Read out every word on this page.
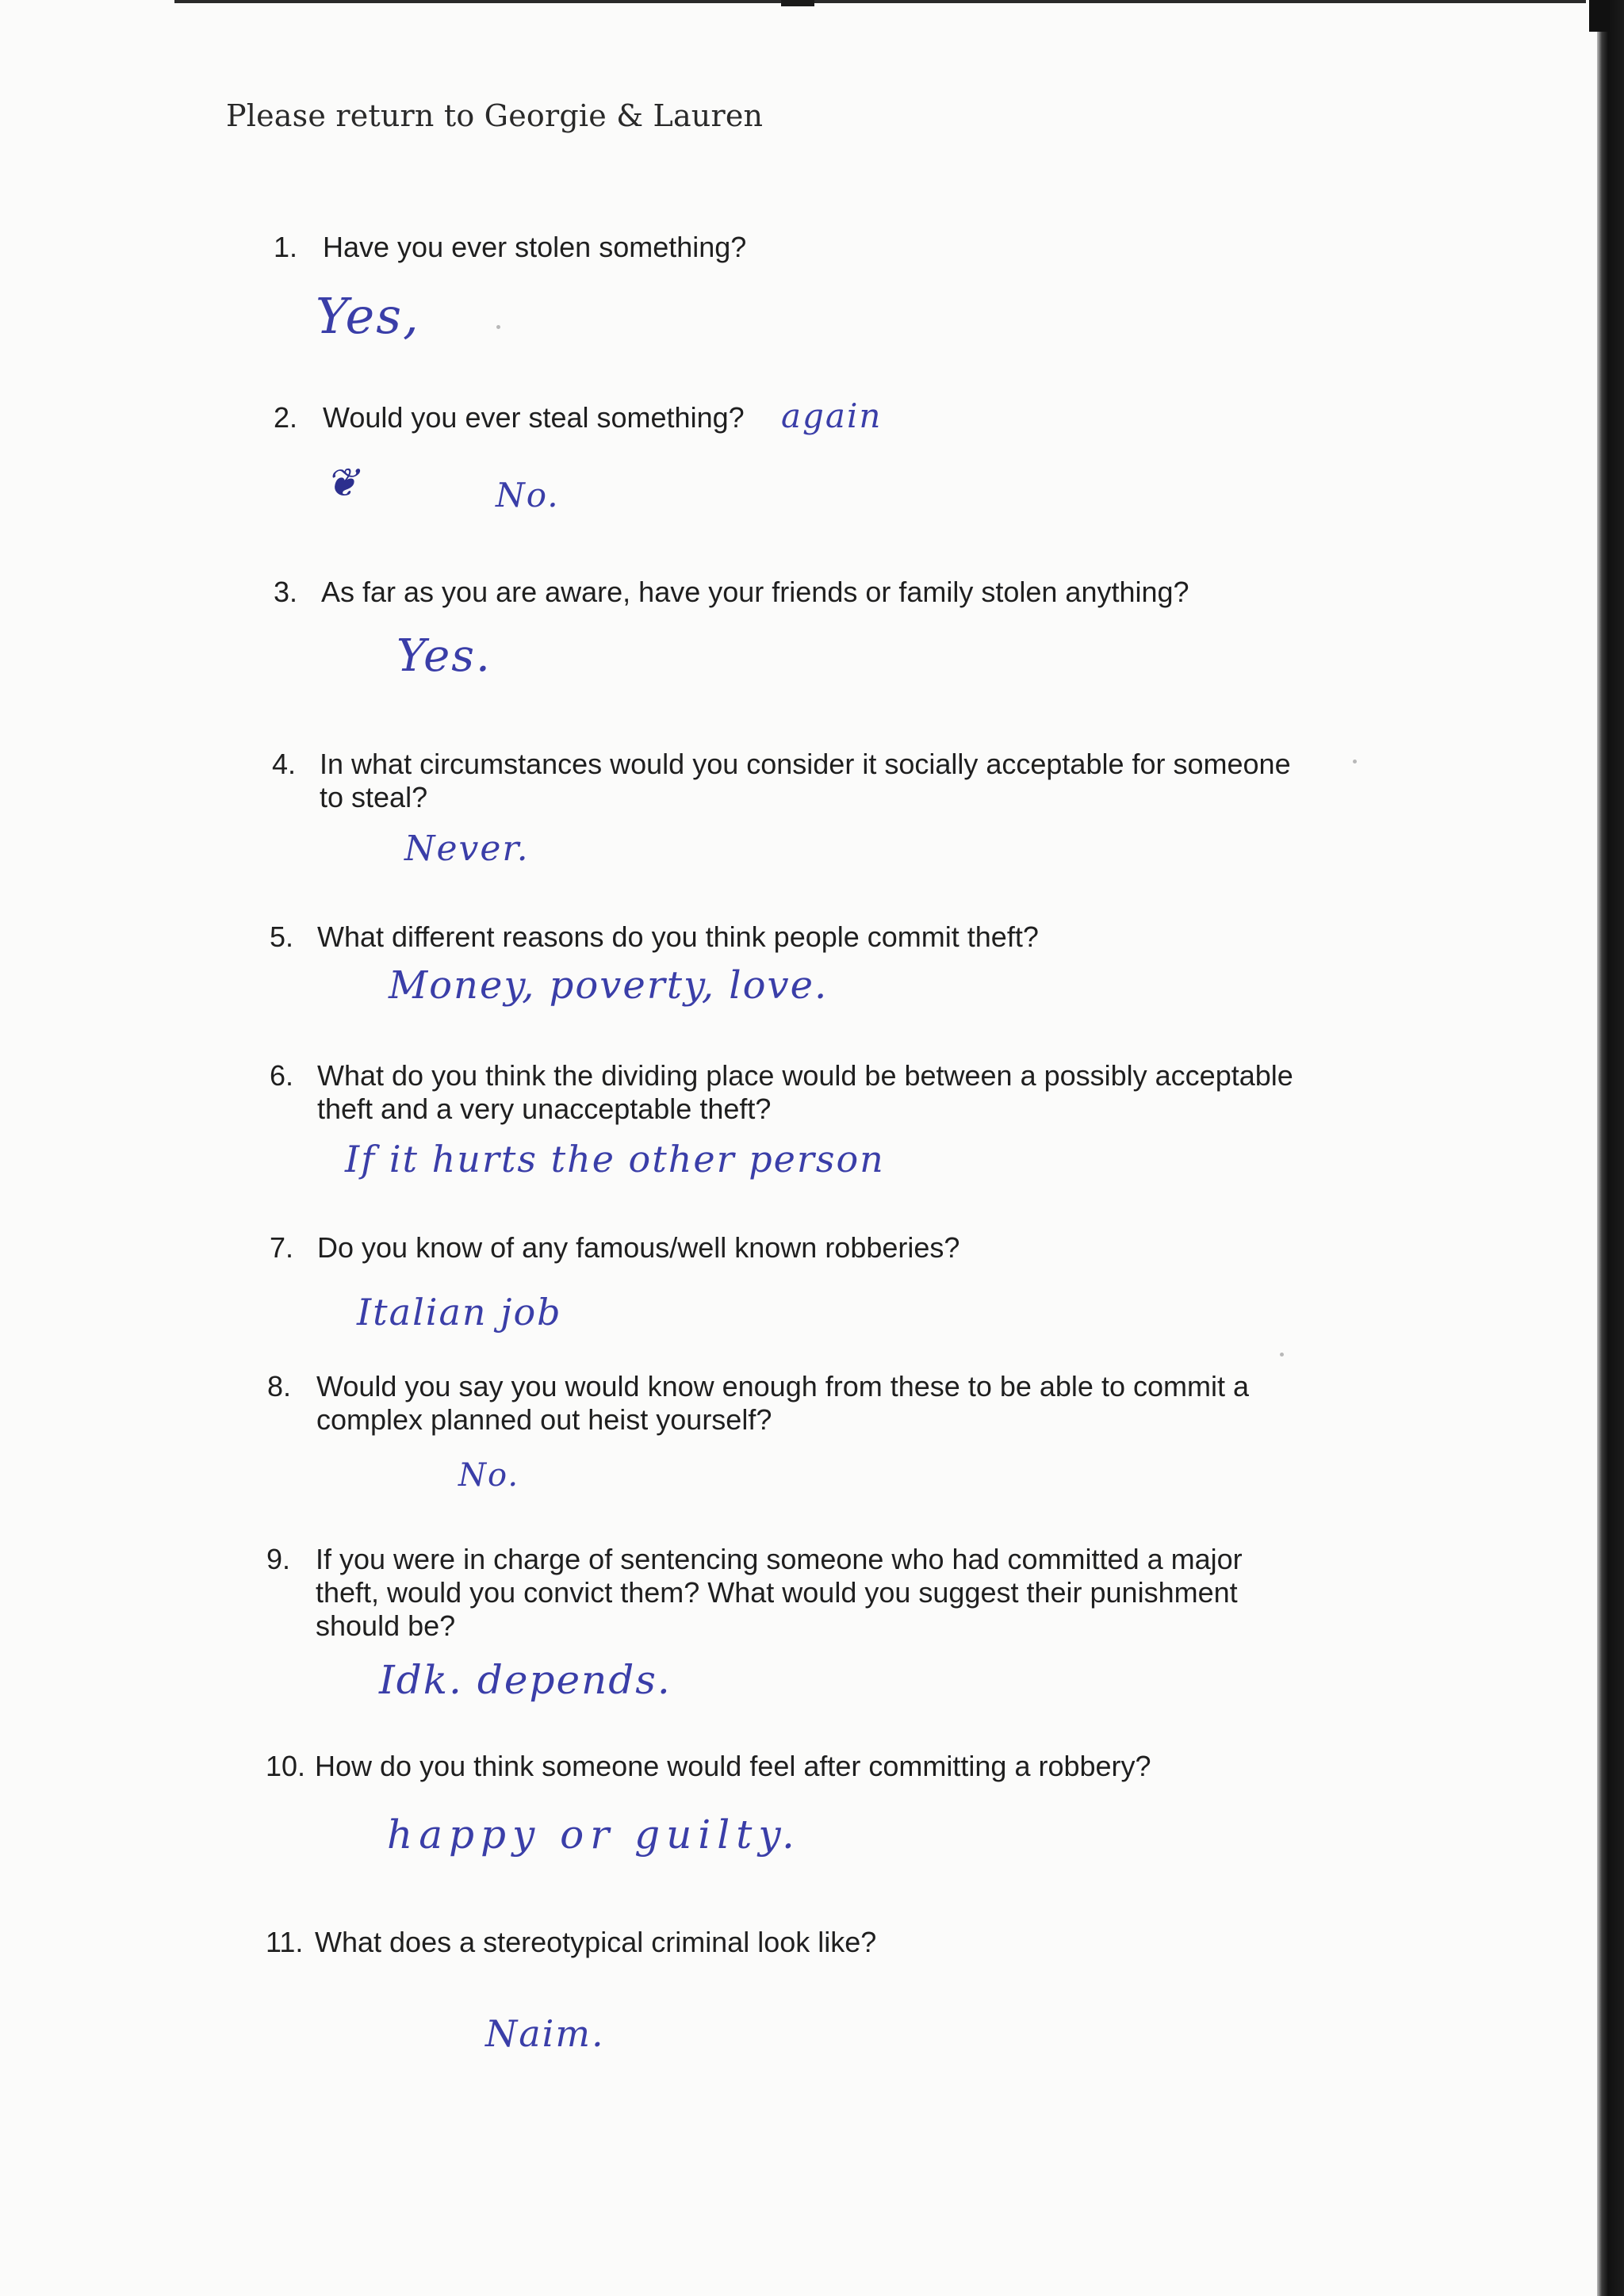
Please return to Georgie & Lauren
1. Have you ever stolen something?
Yes,
2. Would you ever steal something? again
❦	No.
3. As far as you are aware, have your friends or family stolen anything?
Yes.
4. In what circumstances would you consider it socially acceptable for someone
to steal?
Never.
5. What different reasons do you think people commit theft?
Money, poverty, love.
6. What do you think the dividing place would be between a possibly acceptable
theft and a very unacceptable theft?
If it hurts the other person
7. Do you know of any famous/well known robberies?
Italian job
8. Would you say you would know enough from these to be able to commit a
complex planned out heist yourself?
No.
9. If you were in charge of sentencing someone who had committed a major
theft, would you convict them? What would you suggest their punishment
should be?
Idk. depends.
10. How do you think someone would feel after committing a robbery?
happy or guilty.
11. What does a stereotypical criminal look like?
Naim.
